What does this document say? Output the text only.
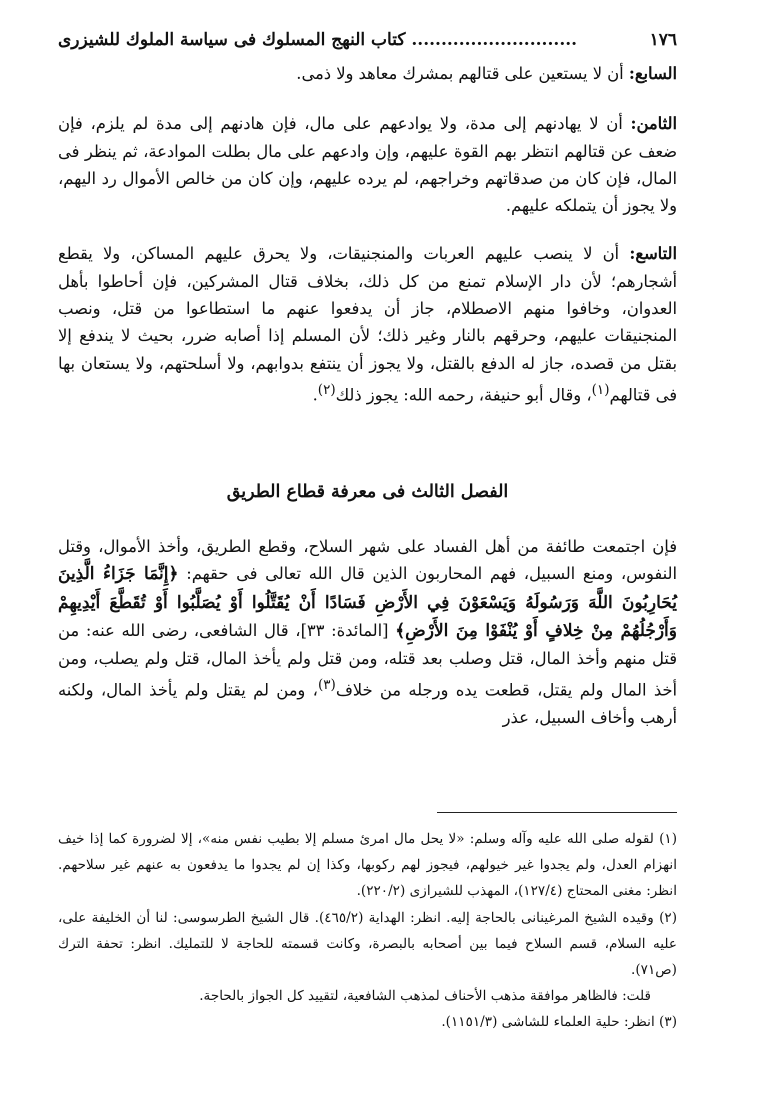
١٧٦
............................ كتاب النهج المسلوك فى سياسة الملوك للشيزرى

السابع: أن لا يستعين على قتالهم بمشرك معاهد ولا ذمى.

الثامن: أن لا يهادنهم إلى مدة، ولا يوادعهم على مال، فإن هادنهم إلى مدة لم يلزم، فإن ضعف عن قتالهم انتظر بهم القوة عليهم، وإن وادعهم على مال بطلت الموادعة، ثم ينظر فى المال، فإن كان من صدقاتهم وخراجهم، لم يرده عليهم، وإن كان من خالص الأموال رد اليهم، ولا يجوز أن يتملكه عليهم.

التاسع: أن لا ينصب عليهم العربات والمنجنيقات، ولا يحرق عليهم المساكن، ولا يقطع أشجارهم؛ لأن دار الإسلام تمنع من كل ذلك، بخلاف قتال المشركين، فإن أحاطوا بأهل العدوان، وخافوا منهم الاصطلام، جاز أن يدفعوا عنهم ما استطاعوا من قتل، ونصب المنجنيقات عليهم، وحرقهم بالنار وغير ذلك؛ لأن المسلم إذا أصابه ضرر، بحيث لا يندفع إلا بقتل من قصده، جاز له الدفع بالقتل، ولا يجوز أن ينتفع بدوابهم، ولا أسلحتهم، ولا يستعان بها فى قتالهم$^{(١)}$، وقال أبو حنيفة، رحمه الله: يجوز ذلك$^{(٢)}$.

الفصل الثالث فى معرفة قطاع الطريق

فإن اجتمعت طائفة من أهل الفساد على شهر السلاح، وقطع الطريق، وأخذ الأموال، وقتل النفوس، ومنع السبيل، فهم المحاربون الذين قال الله تعالى فى حقهم: ﴿إِنَّمَا جَزَاءُ الَّذِينَ يُحَارِبُونَ اللَّهَ وَرَسُولَهُ وَيَسْعَوْنَ فِي الأَرْضِ فَسَادًا أَنْ يُقَتَّلُوا أَوْ يُصَلَّبُوا أَوْ تُقَطَّعَ أَيْدِيهِمْ وَأَرْجُلُهُمْ مِنْ خِلافٍ أَوْ يُنْفَوْا مِنَ الأَرْضِ﴾ [المائدة: ٣٣]، قال الشافعى، رضى الله عنه: من قتل منهم وأخذ المال، قتل وصلب بعد قتله، ومن قتل ولم يأخذ المال، قتل ولم يصلب، ومن أخذ المال ولم يقتل، قطعت يده ورجله من خلاف$^{(٣)}$، ومن لم يقتل ولم يأخذ المال، ولكنه أرهب وأخاف السبيل، عذر

(١) لقوله صلى الله عليه وآله وسلم: «لا يحل مال امرئ مسلم إلا بطيب نفس منه»، إلا لضرورة كما إذا خيف انهزام العدل، ولم يجدوا غير خيولهم، فيجوز لهم ركوبها، وكذا إن لم يجدوا ما يدفعون به عنهم غير سلاحهم. انظر: مغنى المحتاج (١٢٧/٤)، المهذب للشيرازى (٢٢٠/٢).

(٢) وقيده الشيخ المرغينانى بالحاجة إليه. انظر: الهداية (٤٦٥/٢). قال الشيخ الطرسوسى: لنا أن الخليفة على، عليه السلام، قسم السلاح فيما بين أصحابه بالبصرة، وكانت قسمته للحاجة لا للتمليك. انظر: تحفة الترك (ص٧١).

قلت: فالظاهر موافقة مذهب الأحناف لمذهب الشافعية، لتقييد كل الجواز بالحاجة.

(٣) انظر: حلية العلماء للشاشى (١١٥١/٣).
